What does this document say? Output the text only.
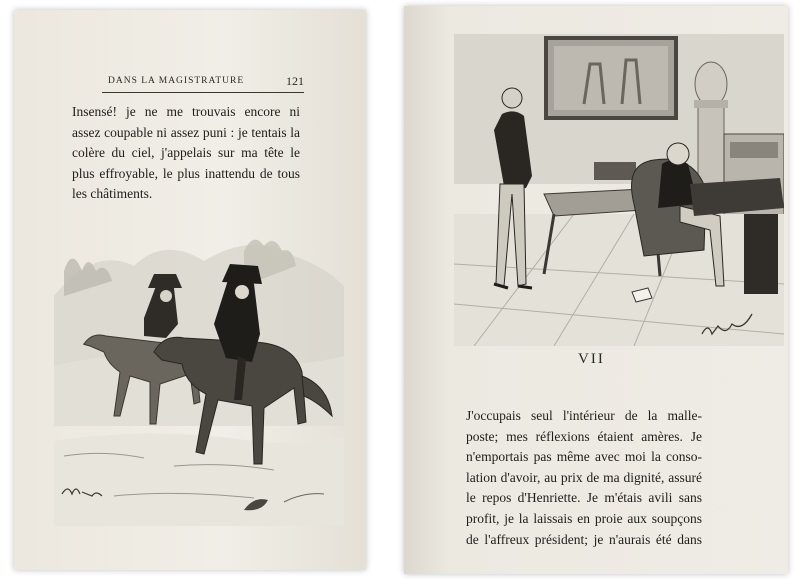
DANS LA MAGISTRATURE	121
Insensé! je ne me trouvais encore ni
assez coupable ni assez puni : je tentais la
colère du ciel, j'appelais sur ma tête le
plus effroyable, le plus inattendu de tous
les châtiments.
VII
J'occupais seul l'intérieur de la malle-
poste; mes réflexions étaient amères. Je
n'emportais pas même avec moi la conso-
lation d'avoir, au prix de ma dignité, assuré
le repos d'Henriette. Je m'étais avili sans
profit, je la laissais en proie aux soupçons
de l'affreux président; je n'aurais été dans
